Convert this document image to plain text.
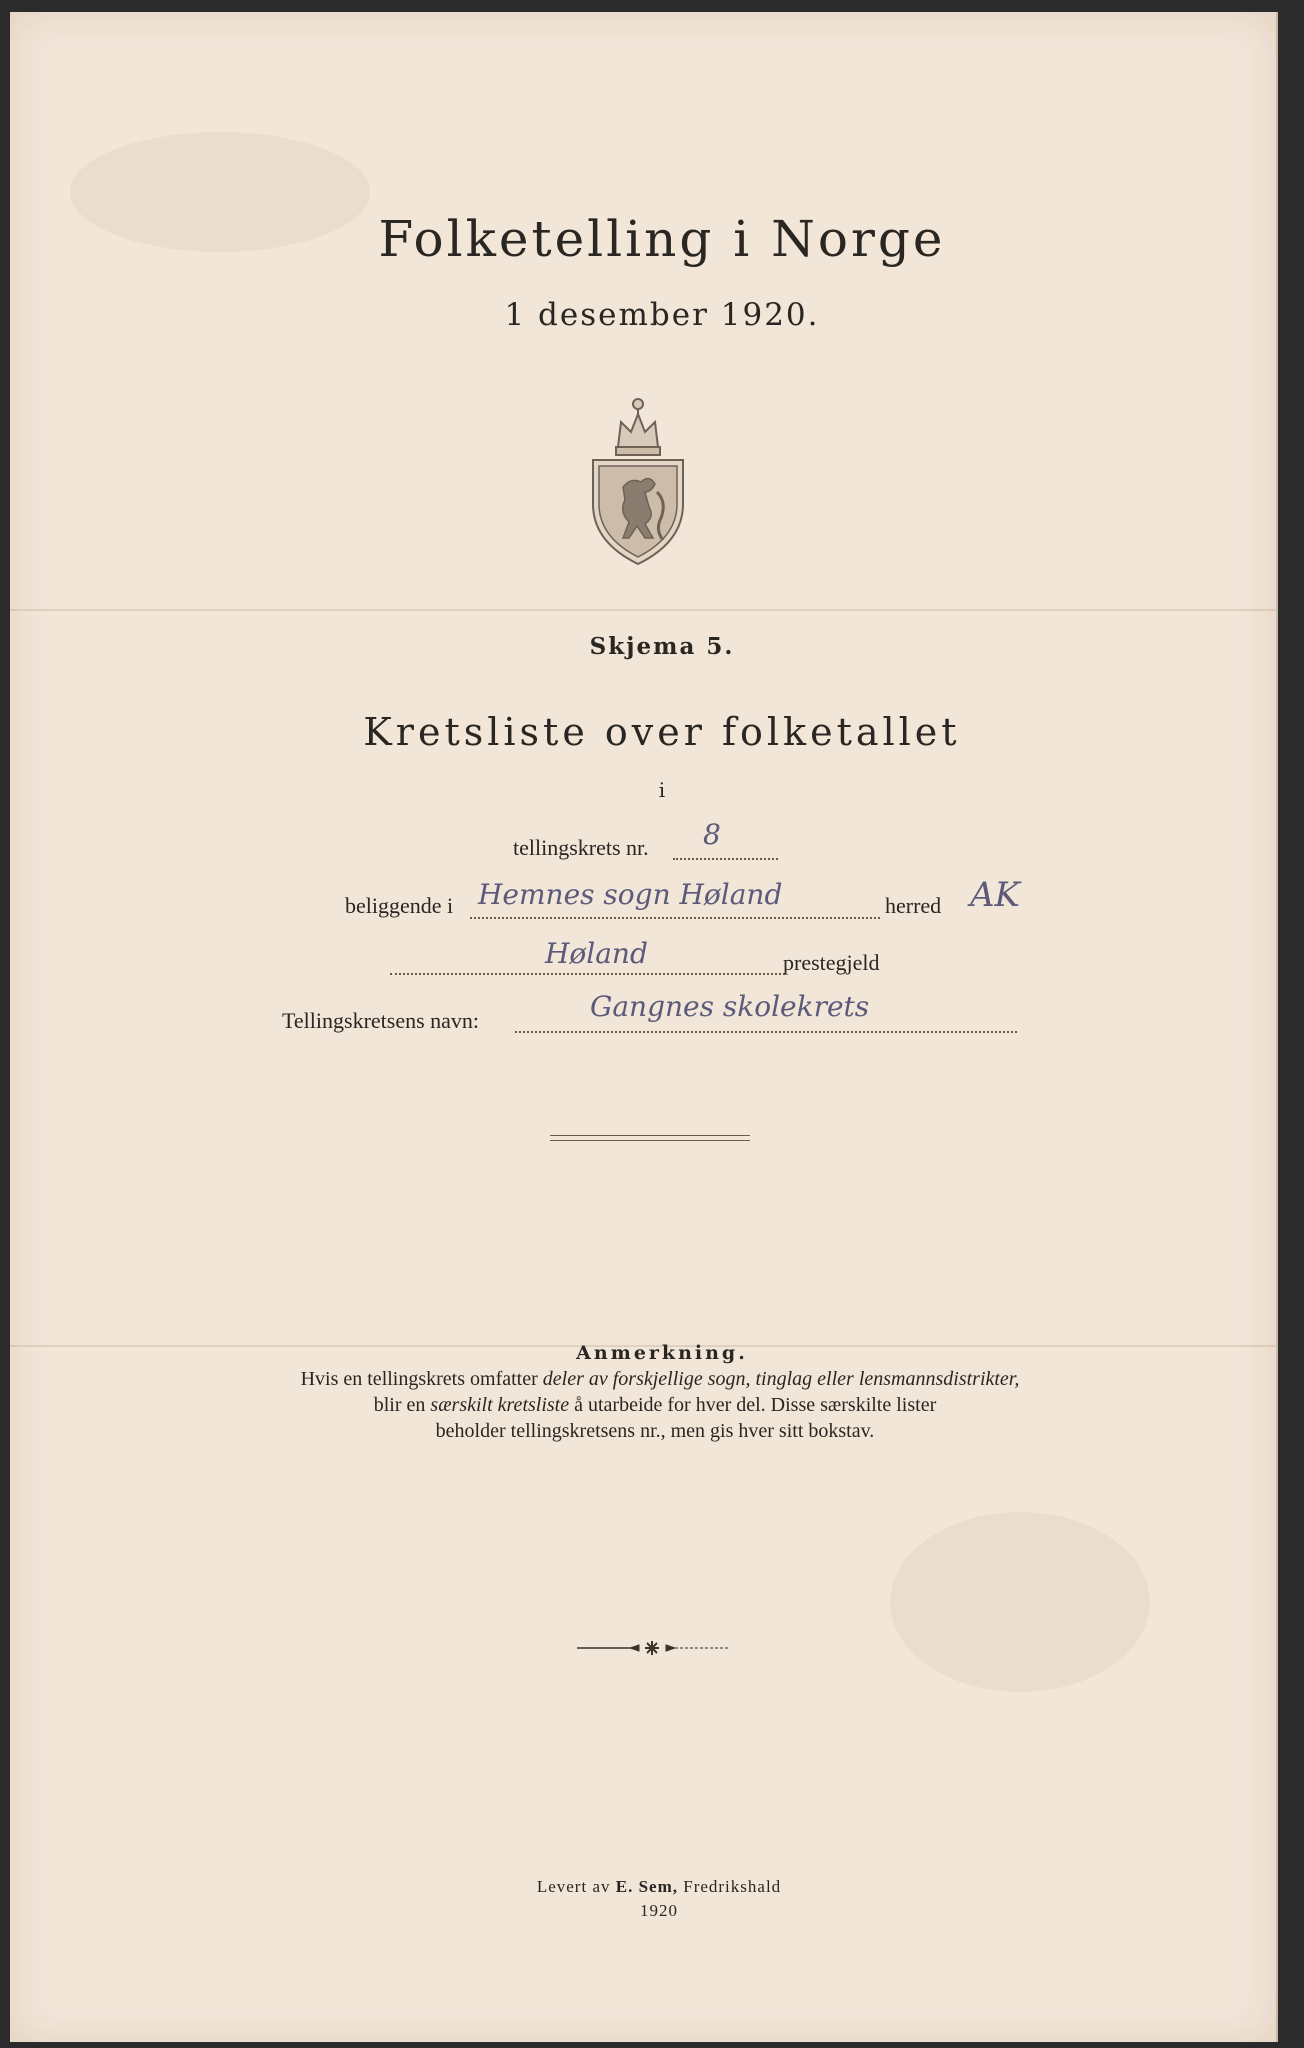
Folketelling i Norge
1 desember 1920.
Skjema 5.
Kretsliste over folketallet
i
tellingskrets nr. 8
beliggende i Hemnes sogn Høland	herred AK
Høland	prestegjeld
Tellingskretsens navn:	Gangnes skolekrets
Anmerkning.
Hvis en tellingskrets omfatter deler av forskjellige sogn, tinglag eller lensmannsdistrikter,
blir en særskilt kretsliste å utarbeide for hver del. Disse særskilte lister
beholder tellingskretsens nr., men gis hver sitt bokstav.
Levert av E. Sem, Fredrikshald
1920
